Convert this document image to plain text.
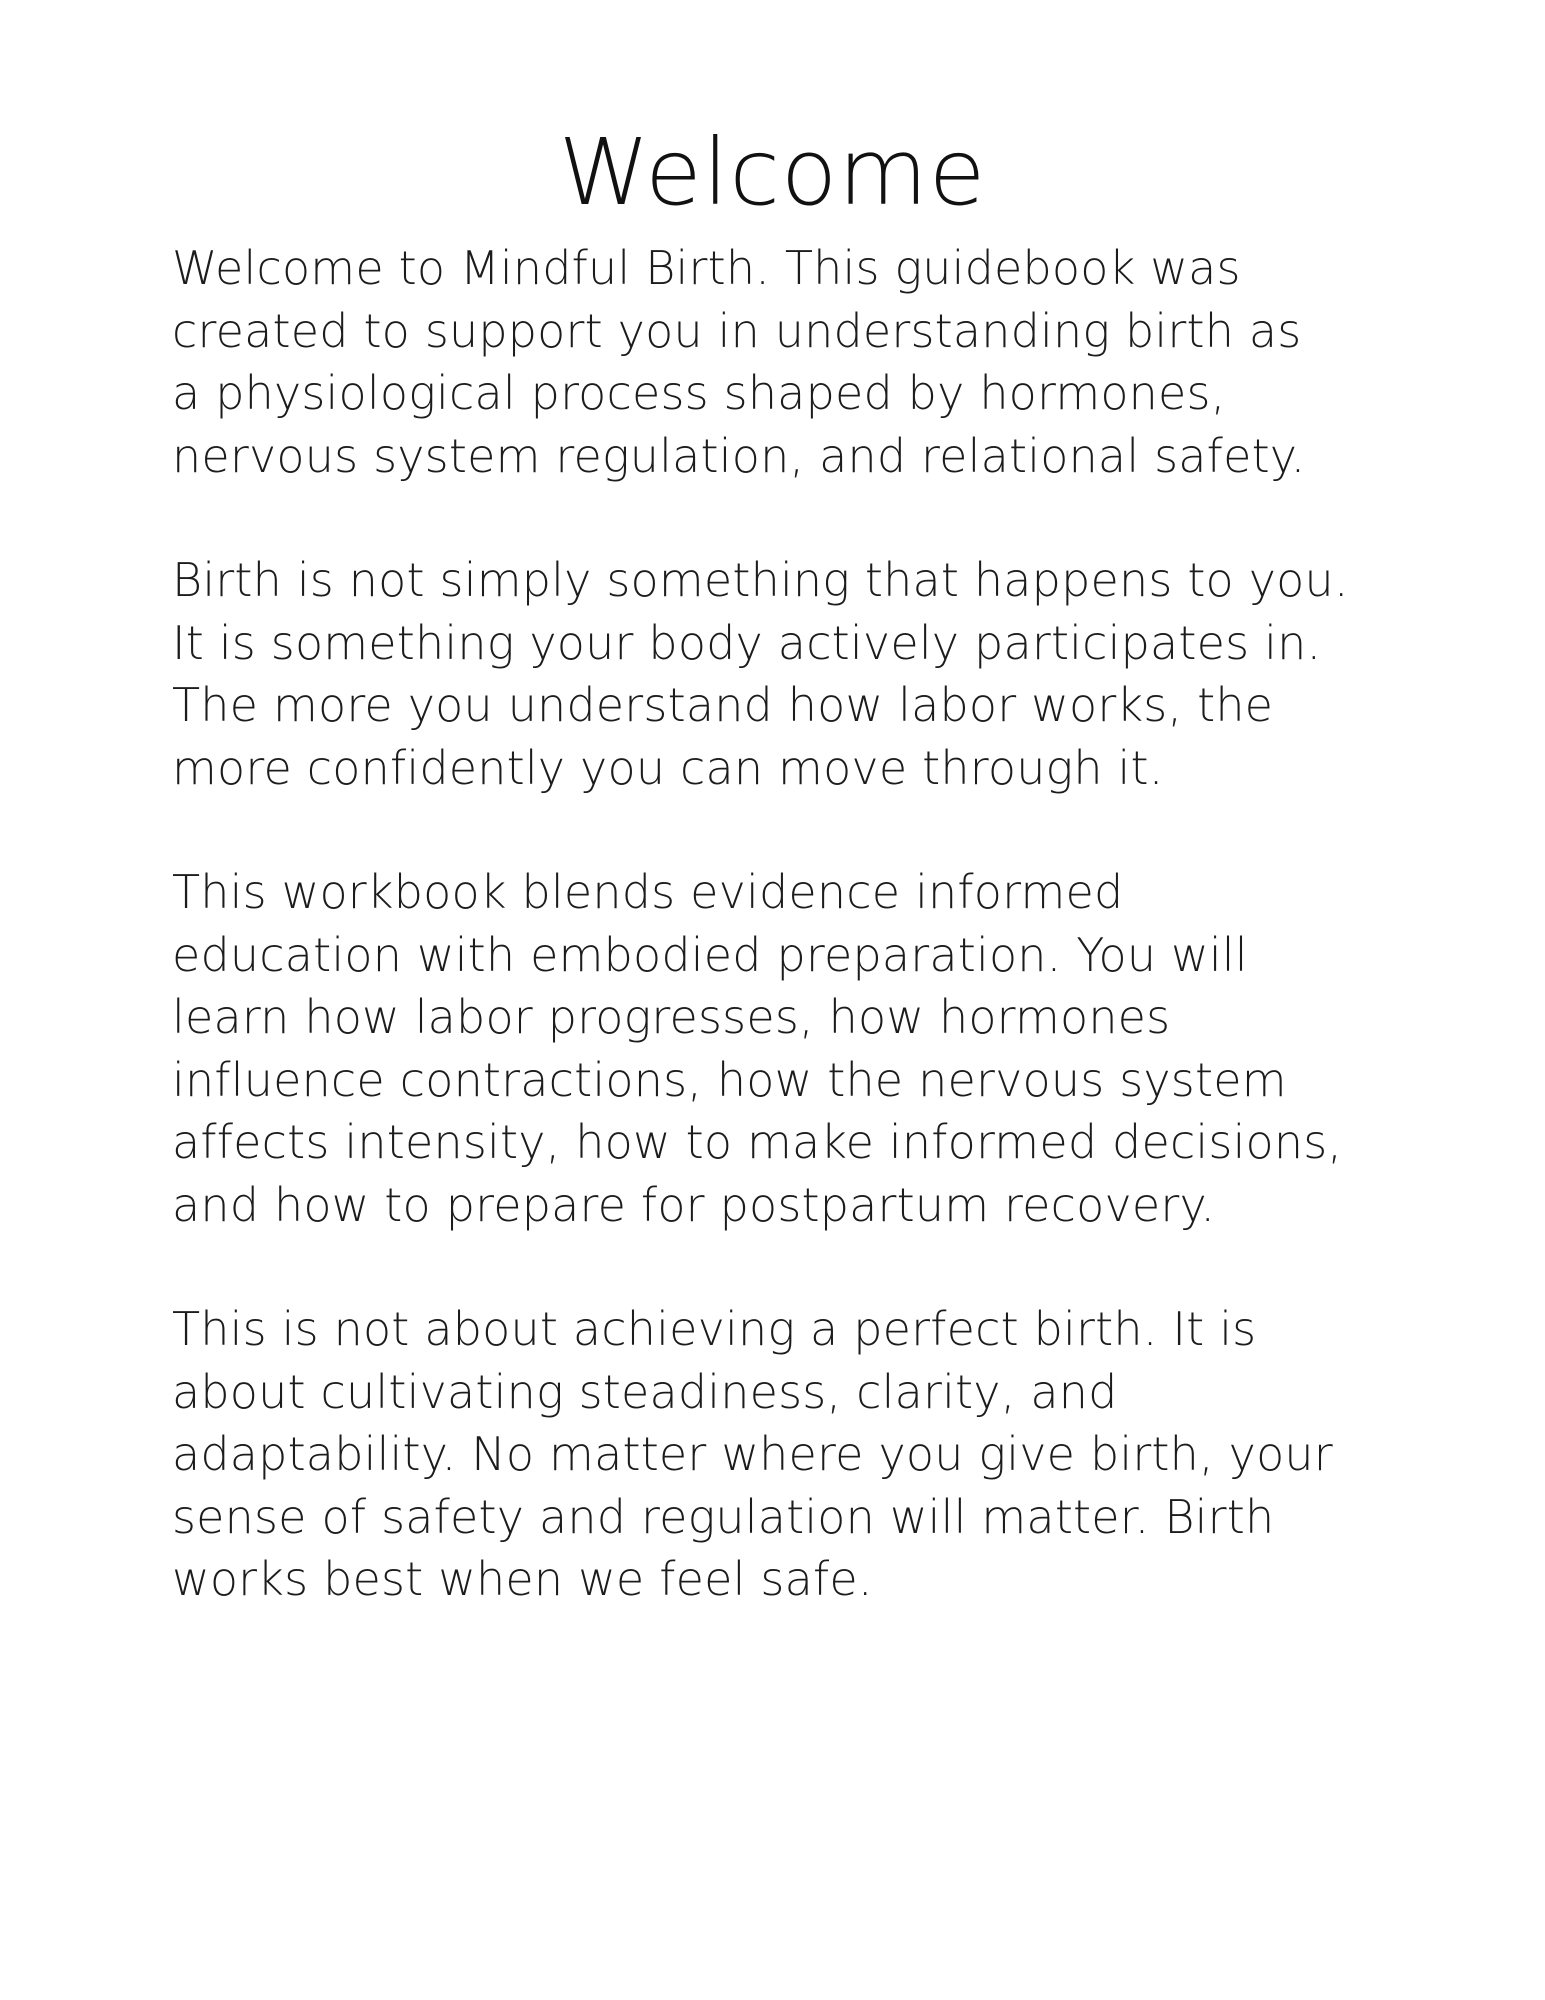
Welcome

Welcome to Mindful Birth. This guidebook was
created to support you in understanding birth as
a physiological process shaped by hormones,
nervous system regulation, and relational safety.

Birth is not simply something that happens to you.
It is something your body actively participates in.
The more you understand how labor works, the
more confidently you can move through it.

This workbook blends evidence informed
education with embodied preparation. You will
learn how labor progresses, how hormones
influence contractions, how the nervous system
affects intensity, how to make informed decisions,
and how to prepare for postpartum recovery.

This is not about achieving a perfect birth. It is
about cultivating steadiness, clarity, and
adaptability. No matter where you give birth, your
sense of safety and regulation will matter. Birth
works best when we feel safe.
